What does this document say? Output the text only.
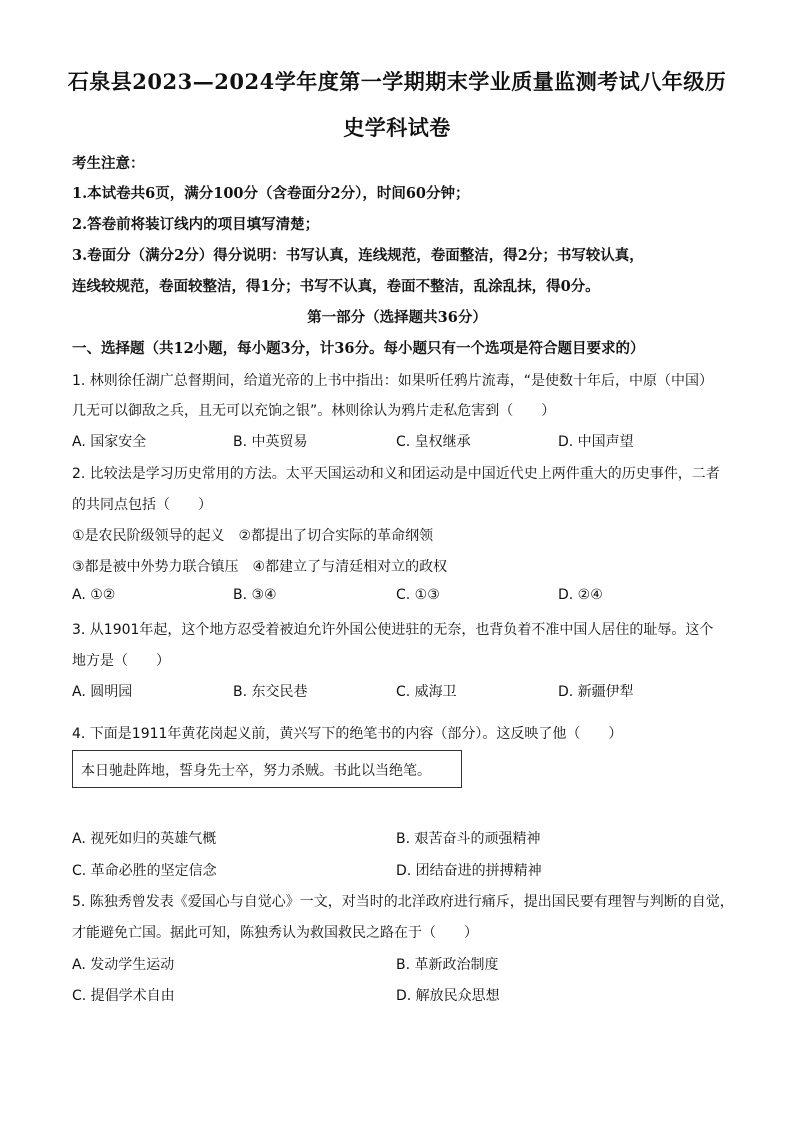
石泉县2023—2024学年度第一学期期末学业质量监测考试八年级历
史学科试卷
考生注意：
1.本试卷共6页，满分100分（含卷面分2分），时间60分钟；
2.答卷前将装订线内的项目填写清楚；
3.卷面分（满分2分）得分说明：书写认真，连线规范，卷面整洁，得2分；书写较认真，
连线较规范，卷面较整洁，得1分；书写不认真，卷面不整洁，乱涂乱抹，得0分。
第一部分（选择题共36分）
一、选择题（共12小题，每小题3分，计36分。每小题只有一个选项是符合题目要求的）
1. 林则徐任湖广总督期间，给道光帝的上书中指出：如果听任鸦片流毒，“是使数十年后，中原（中国）
几无可以御敌之兵，且无可以充饷之银”。林则徐认为鸦片走私危害到（　　）
A. 国家安全	B. 中英贸易	C. 皇权继承	D. 中国声望
2. 比较法是学习历史常用的方法。太平天国运动和义和团运动是中国近代史上两件重大的历史事件，二者
的共同点包括（　　）
①是农民阶级领导的起义　②都提出了切合实际的革命纲领
③都是被中外势力联合镇压　④都建立了与清廷相对立的政权
A. ①②	B. ③④	C. ①③	D. ②④
3. 从1901年起，这个地方忍受着被迫允许外国公使进驻的无奈，也背负着不准中国人居住的耻辱。这个
地方是（　　）
A. 圆明园	B. 东交民巷	C. 威海卫	D. 新疆伊犁
4. 下面是1911年黄花岗起义前，黄兴写下的绝笔书的内容（部分）。这反映了他（　　）
本日驰赴阵地，誓身先士卒，努力杀贼。书此以当绝笔。
A. 视死如归的英雄气概	B. 艰苦奋斗的顽强精神
C. 革命必胜的坚定信念	D. 团结奋进的拼搏精神
5. 陈独秀曾发表《爱国心与自觉心》一文，对当时的北洋政府进行痛斥，提出国民要有理智与判断的自觉，
才能避免亡国。据此可知，陈独秀认为救国救民之路在于（　　）
A. 发动学生运动	B. 革新政治制度
C. 提倡学术自由	D. 解放民众思想
